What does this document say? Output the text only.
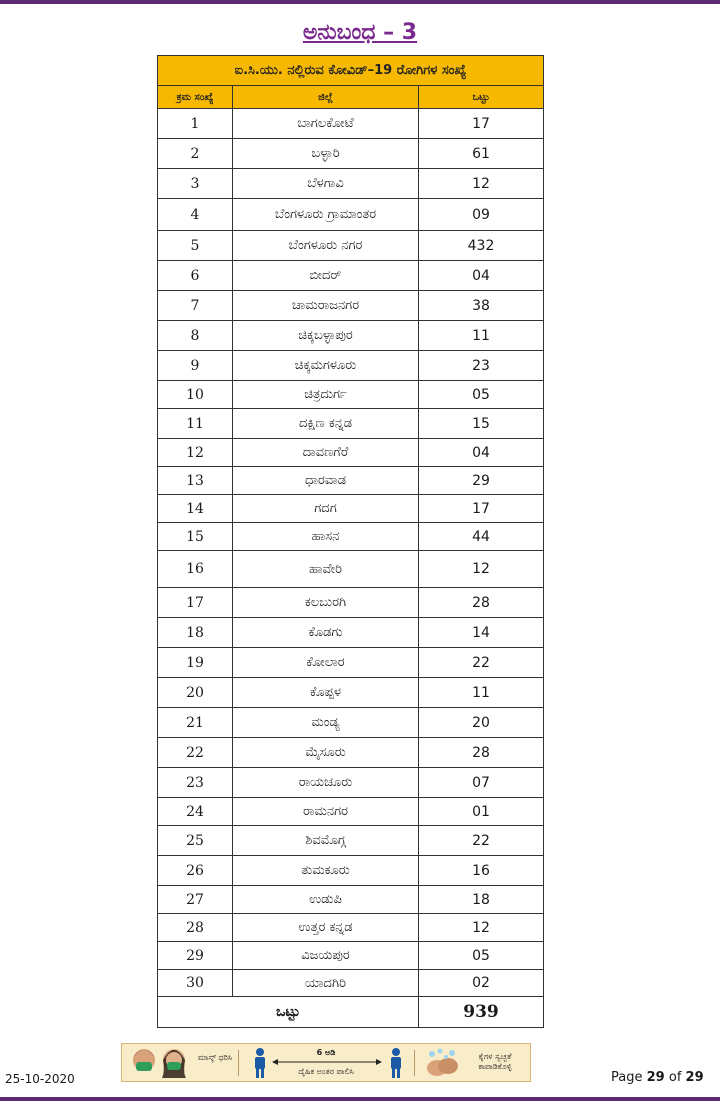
ಅನುಬಂಧ – 3
ಐ.ಸಿ.ಯು. ನಲ್ಲಿರುವ ಕೋವಿಡ್–19 ರೋಗಿಗಳ ಸಂಖ್ಯೆ		
ಕ್ರಮ ಸಂಖ್ಯೆ	ಜಿಲ್ಲೆ	ಒಟ್ಟು
1	ಬಾಗಲಕೋಟೆ	17
2	ಬಳ್ಳಾರಿ	61
3	ಬೆಳಗಾವಿ	12
4	ಬೆಂಗಳೂರು ಗ್ರಾಮಾಂತರ	09
5	ಬೆಂಗಳೂರು ನಗರ	432
6	ಬೀದರ್	04
7	ಚಾಮರಾಜನಗರ	38
8	ಚಿಕ್ಕಬಳ್ಳಾಪುರ	11
9	ಚಿಕ್ಕಮಗಳೂರು	23
10	ಚಿತ್ರದುರ್ಗ	05
11	ದಕ್ಷಿಣ ಕನ್ನಡ	15
12	ದಾವಣಗೆರೆ	04
13	ಧಾರವಾಡ	29
14	ಗದಗ	17
15	ಹಾಸನ	44
16	ಹಾವೇರಿ	12
17	ಕಲಬುರಗಿ	28
18	ಕೊಡಗು	14
19	ಕೋಲಾರ	22
20	ಕೊಪ್ಪಳ	11
21	ಮಂಡ್ಯ	20
22	ಮೈಸೂರು	28
23	ರಾಯಚೂರು	07
24	ರಾಮನಗರ	01
25	ಶಿವಮೊಗ್ಗ	22
26	ತುಮಕೂರು	16
27	ಉಡುಪಿ	18
28	ಉತ್ತರ ಕನ್ನಡ	12
29	ವಿಜಯಪುರ	05
30	ಯಾದಗಿರಿ	02
ಒಟ್ಟು		939
25-10-2020
ಮಾಸ್ಕ್ ಧರಿಸಿ
6 ಅಡಿ
ದೈಹಿಕ ಅಂತರ ಪಾಲಿಸಿ
ಕೈಗಳ ಸ್ವಚ್ಛತೆ ಕಾಪಾಡಿಕೊಳ್ಳಿ
Page 29 of 29
